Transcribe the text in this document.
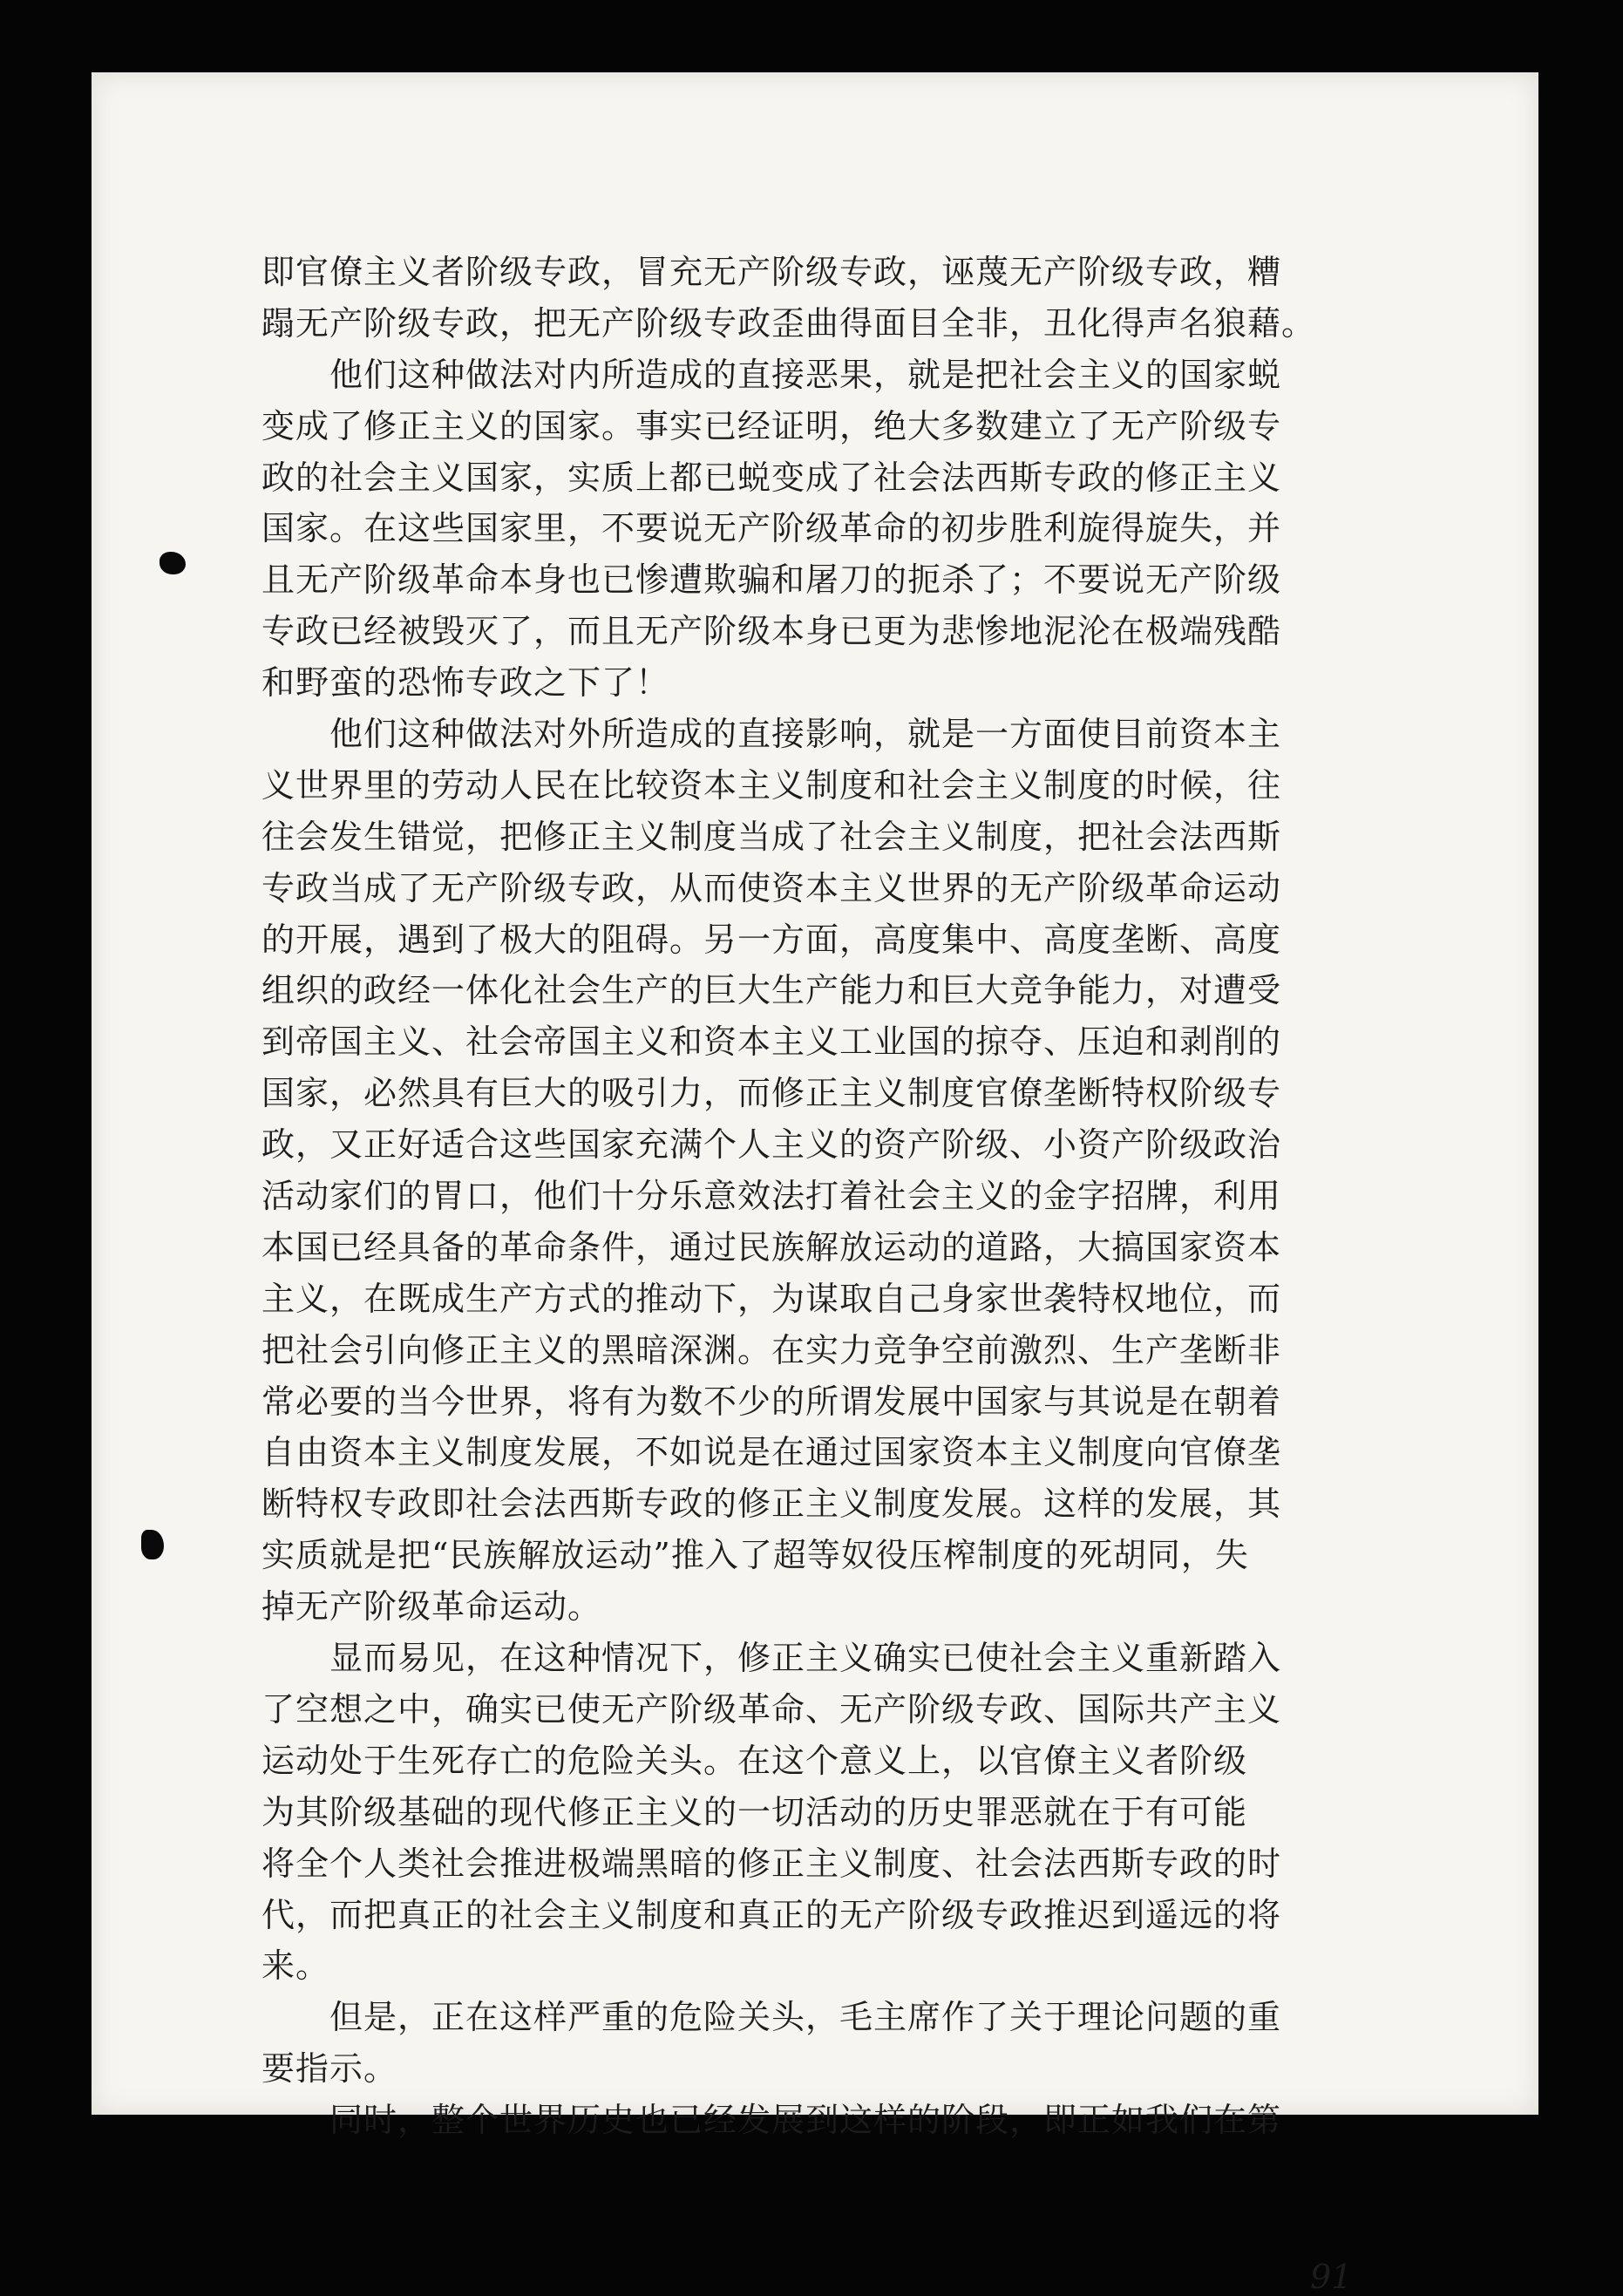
即官僚主义者阶级专政，冒充无产阶级专政，诬蔑无产阶级专政，糟
蹋无产阶级专政，把无产阶级专政歪曲得面目全非，丑化得声名狼藉。
　　他们这种做法对内所造成的直接恶果，就是把社会主义的国家蜕
变成了修正主义的国家。事实已经证明，绝大多数建立了无产阶级专
政的社会主义国家，实质上都已蜕变成了社会法西斯专政的修正主义
国家。在这些国家里，不要说无产阶级革命的初步胜利旋得旋失，并
且无产阶级革命本身也已惨遭欺骗和屠刀的扼杀了；不要说无产阶级
专政已经被毁灭了，而且无产阶级本身已更为悲惨地泥沦在极端残酷
和野蛮的恐怖专政之下了！
　　他们这种做法对外所造成的直接影响，就是一方面使目前资本主
义世界里的劳动人民在比较资本主义制度和社会主义制度的时候，往
往会发生错觉，把修正主义制度当成了社会主义制度，把社会法西斯
专政当成了无产阶级专政，从而使资本主义世界的无产阶级革命运动
的开展，遇到了极大的阻碍。另一方面，高度集中、高度垄断、高度
组织的政经一体化社会生产的巨大生产能力和巨大竞争能力，对遭受
到帝国主义、社会帝国主义和资本主义工业国的掠夺、压迫和剥削的
国家，必然具有巨大的吸引力，而修正主义制度官僚垄断特权阶级专
政，又正好适合这些国家充满个人主义的资产阶级、小资产阶级政治
活动家们的胃口，他们十分乐意效法打着社会主义的金字招牌，利用
本国已经具备的革命条件，通过民族解放运动的道路，大搞国家资本
主义，在既成生产方式的推动下，为谋取自己身家世袭特权地位，而
把社会引向修正主义的黑暗深渊。在实力竞争空前激烈、生产垄断非
常必要的当今世界，将有为数不少的所谓发展中国家与其说是在朝着
自由资本主义制度发展，不如说是在通过国家资本主义制度向官僚垄
断特权专政即社会法西斯专政的修正主义制度发展。这样的发展，其
实质就是把“民族解放运动”推入了超等奴役压榨制度的死胡同，失
掉无产阶级革命运动。
　　显而易见，在这种情况下，修正主义确实已使社会主义重新踏入
了空想之中，确实已使无产阶级革命、无产阶级专政、国际共产主义
运动处于生死存亡的危险关头。在这个意义上，以官僚主义者阶级
为其阶级基础的现代修正主义的一切活动的历史罪恶就在于有可能
将全个人类社会推进极端黑暗的修正主义制度、社会法西斯专政的时
代，而把真正的社会主义制度和真正的无产阶级专政推迟到遥远的将
来。
　　但是，正在这样严重的危险关头，毛主席作了关于理论问题的重
要指示。
　　同时，整个世界历史也已经发展到这样的阶段，即正如我们在第
91
